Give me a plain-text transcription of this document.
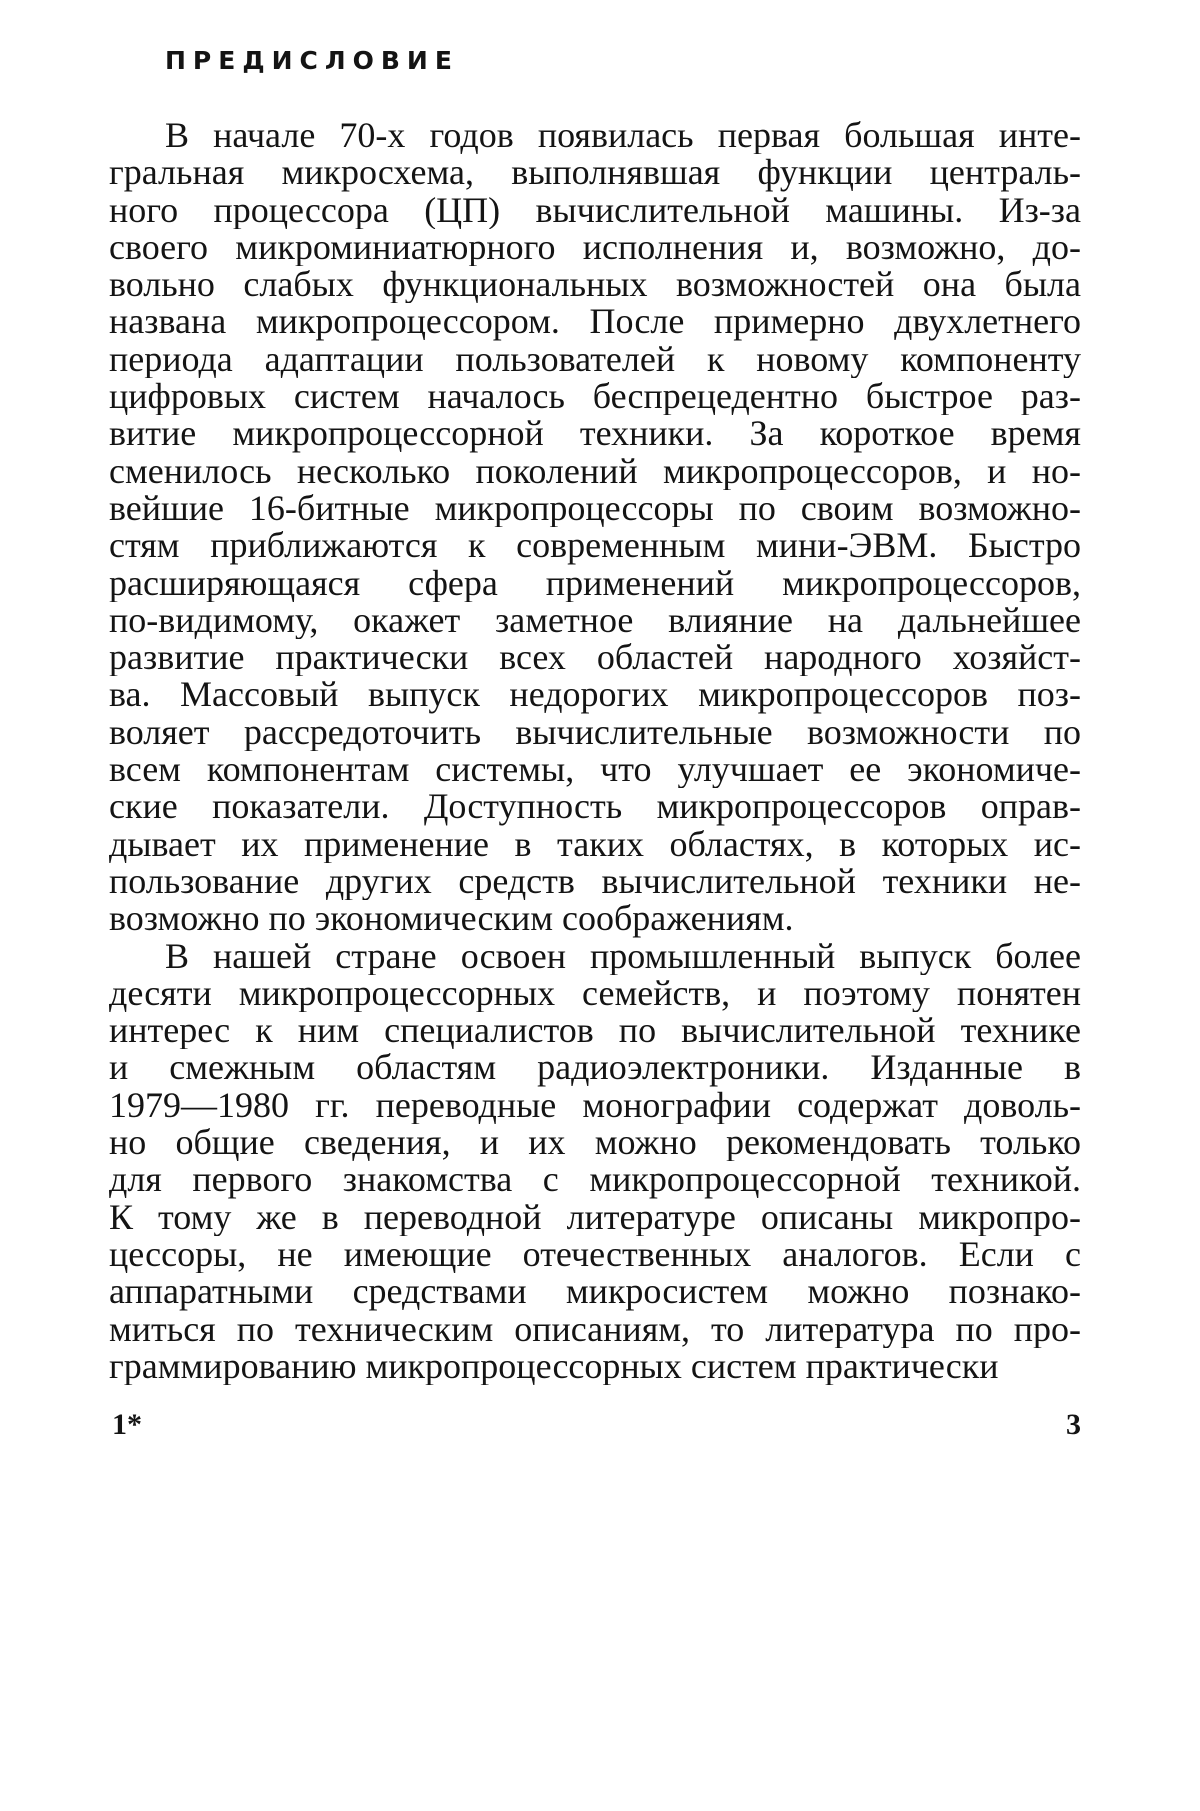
ПРЕДИСЛОВИЕ
В начале 70-х годов появилась первая большая инте-
гральная микросхема, выполнявшая функции централь-
ного процессора (ЦП) вычислительной машины. Из-за
своего микроминиатюрного исполнения и, возможно, до-
вольно слабых функциональных возможностей она была
названа микропроцессором. После примерно двухлетнего
периода адаптации пользователей к новому компоненту
цифровых систем началось беспрецедентно быстрое раз-
витие микропроцессорной техники. За короткое время
сменилось несколько поколений микропроцессоров, и но-
вейшие 16-битные микропроцессоры по своим возможно-
стям приближаются к современным мини-ЭВМ. Быстро
расширяющаяся сфера применений микропроцессоров,
по-видимому, окажет заметное влияние на дальнейшее
развитие практически всех областей народного хозяйст-
ва. Массовый выпуск недорогих микропроцессоров поз-
воляет рассредоточить вычислительные возможности по
всем компонентам системы, что улучшает ее экономиче-
ские показатели. Доступность микропроцессоров оправ-
дывает их применение в таких областях, в которых ис-
пользование других средств вычислительной техники не-
возможно по экономическим соображениям.
В нашей стране освоен промышленный выпуск более
десяти микропроцессорных семейств, и поэтому понятен
интерес к ним специалистов по вычислительной технике
и смежным областям радиоэлектроники. Изданные в
1979—1980 гг. переводные монографии содержат доволь-
но общие сведения, и их можно рекомендовать только
для первого знакомства с микропроцессорной техникой.
К тому же в переводной литературе описаны микропро-
цессоры, не имеющие отечественных аналогов. Если с
аппаратными средствами микросистем можно познако-
миться по техническим описаниям, то литература по про-
граммированию микропроцессорных систем практически
1*	3
